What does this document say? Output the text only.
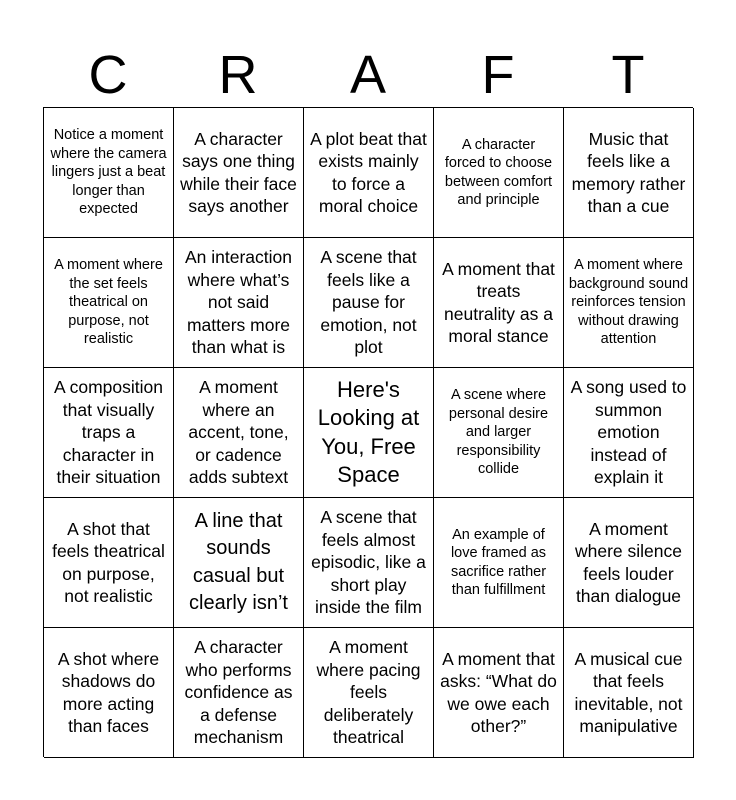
C	R	A	F	T
Notice a moment where the camera lingers just a beat longer than expected
A character says one thing while their face says another
A plot beat that exists mainly to force a moral choice
A character forced to choose between comfort and principle
Music that feels like a memory rather than a cue
A moment where the set feels theatrical on purpose, not realistic
An interaction where what’s not said matters more than what is
A scene that feels like a pause for emotion, not plot
A moment that treats neutrality as a moral stance
A moment where background sound reinforces tension without drawing attention
A composition that visually traps a character in their situation
A moment where an accent, tone, or cadence adds subtext
Here's Looking at You, Free Space
A scene where personal desire and larger responsibility collide
A song used to summon emotion instead of explain it
A shot that feels theatrical on purpose, not realistic
A line that sounds casual but clearly isn’t
A scene that feels almost episodic, like a short play inside the film
An example of love framed as sacrifice rather than fulfillment
A moment where silence feels louder than dialogue
A shot where shadows do more acting than faces
A character who performs confidence as a defense mechanism
A moment where pacing feels deliberately theatrical
A moment that asks: “What do we owe each other?”
A musical cue that feels inevitable, not manipulative
